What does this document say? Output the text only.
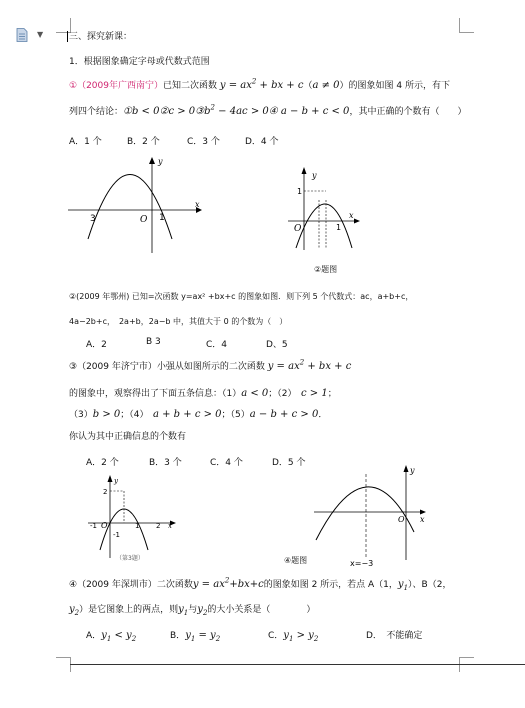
▼	三、探究新课：
1．根据图象确定字母或代数式范围
①（2009年广西南宁）已知二次函数 $y = ax^2$ + bx + c（a ≠ 0）的图象如图 4 所示，有下
列四个结论：①b < 0②c > $0③b^2 - 4ac$ > 0④ a − b + c < 0，其中正确的个数有（　　）
A．1 个	B．2 个	C．3 个	D．4 个
y
x
3	O 1
y
x
1
O	1
②题图
②(2009 年鄂州) 已知=次函数 y=ax² +bx+c 的图象如图．则下列 5 个代数式：ac，a+b+c，
4a−2b+c，　2a+b，2a−b 中，其值大于 0 的个数为（　）
A．2	B 3	C．4	D、5
③（2009 年济宁市）小强从如图所示的二次函数 $y = ax^2$ + bx + c
的图象中，观察得出了下面五条信息：（1）a < 0；（2）　c > 1；
（3）b > 0；（4）　 a + b + c > 0；（5）a − b + c > 0．
你认为其中正确信息的个数有
A．2 个	B．3 个	C．4 个	D．5 个
y
x
-1 O	1 2
-1
2
（第3题）
y
x
O
x=−3
④题图
④（2009 年深圳市）二次函数$y = ax^2+bx+c$的图象如图 2 所示，若点 A（1，$y_1$）、B（2，
$y_2$）是它图象上的两点，则$y_1$与$y_2$的大小关系是（　　　　）
A．$y_1 < y_2$	B．$y_1 = y_2$	C．$y_1 > y_2$	D．　不能确定
